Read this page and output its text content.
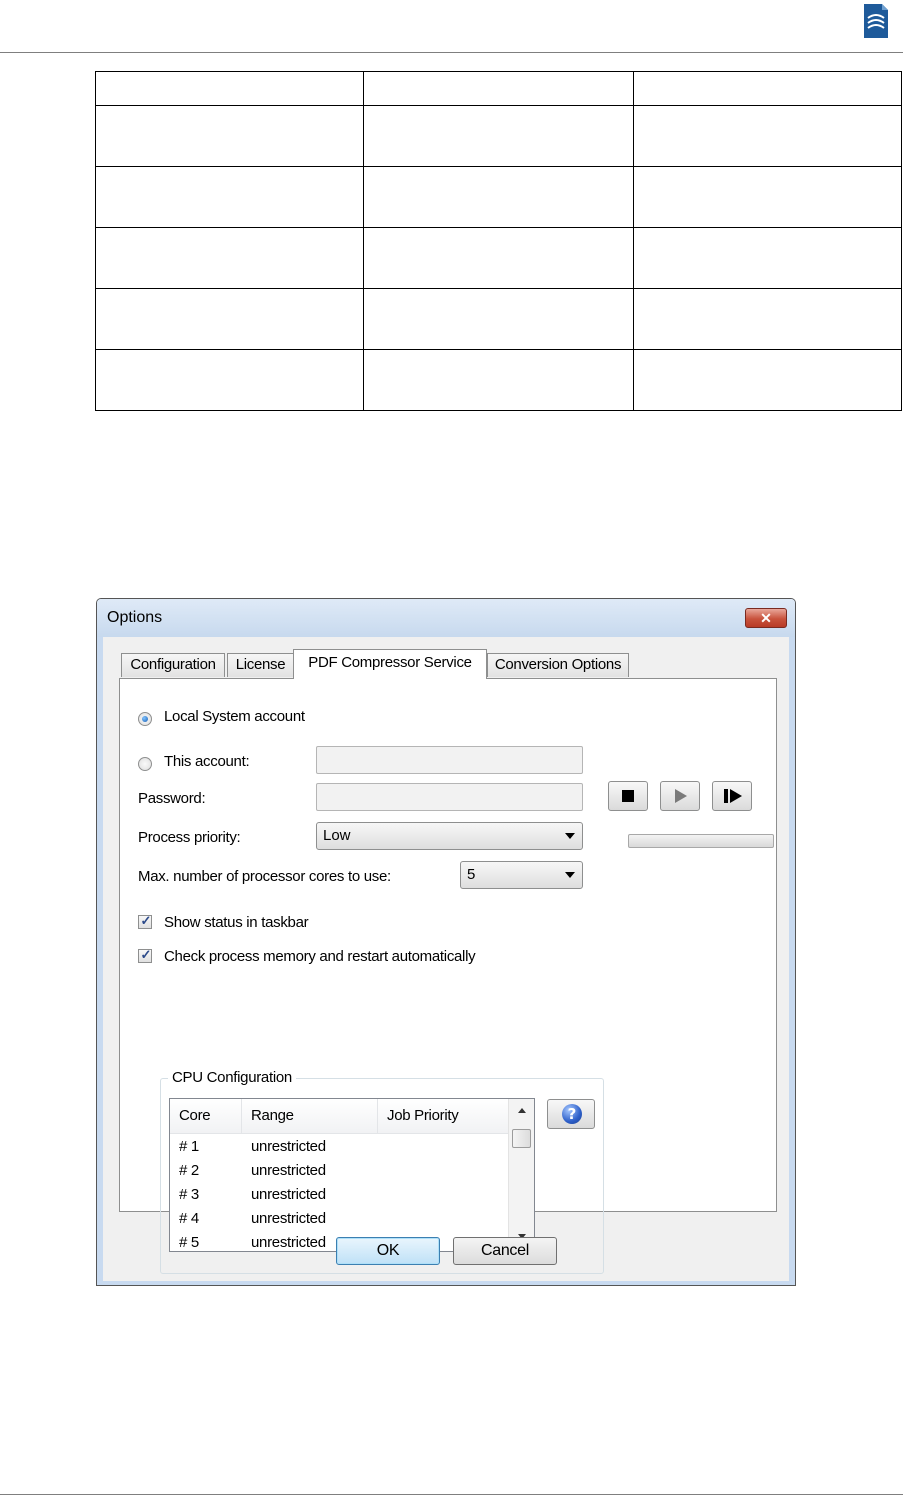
Options	✕
Configuration	License	PDF Compressor Service	Conversion Options
Local System account
This account:
Password:
Process priority:	Low
Max. number of processor cores to use:	5
✓ Show status in taskbar
✓ Check process memory and restart automatically
CPU Configuration
Core	Range	Job Priority
# 1	unrestricted
# 2	unrestricted
# 3	unrestricted
# 4	unrestricted
# 5	unrestricted
?
OK	Cancel
